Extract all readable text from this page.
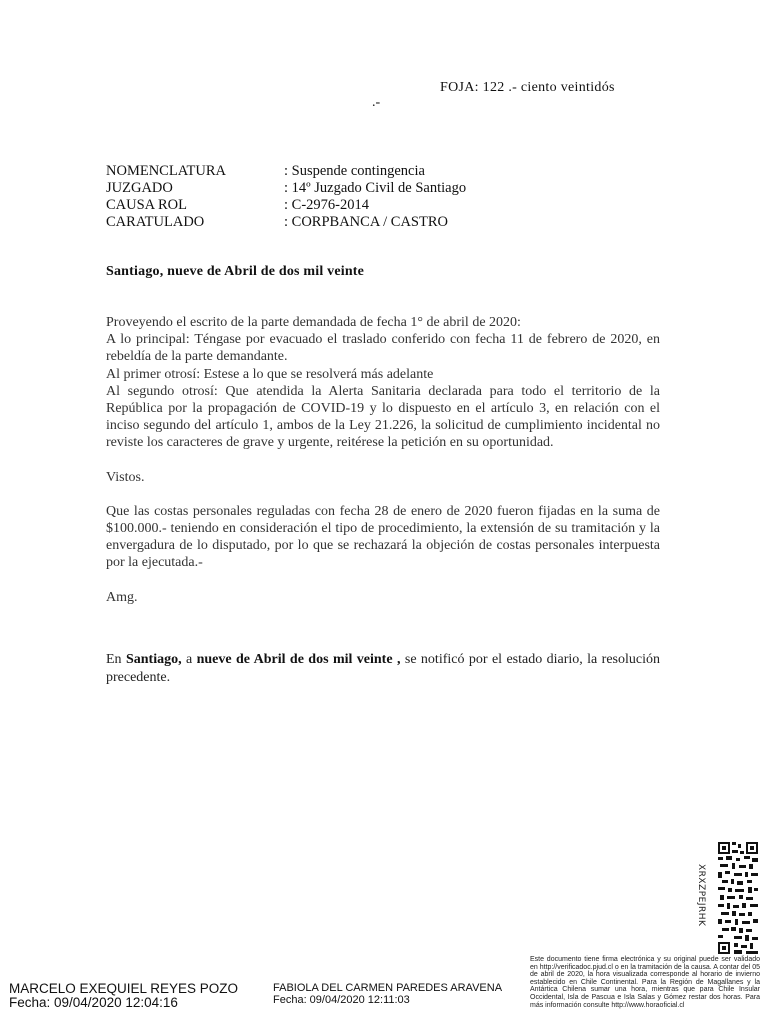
FOJA: 122 .- ciento veintidós
.-
NOMENCLATURA	: Suspende contingencia
JUZGADO	: 14º Juzgado Civil de Santiago
CAUSA ROL	: C-2976-2014
CARATULADO	: CORPBANCA / CASTRO
Santiago, nueve de Abril de dos mil veinte

Proveyendo el escrito de la parte demandada de fecha 1° de abril de 2020:

A lo principal: Téngase por evacuado el traslado conferido con fecha 11 de febrero de 2020, en rebeldía de la parte demandante.

Al primer otrosí: Estese a lo que se resolverá más adelante

Al segundo otrosí: Que atendida la Alerta Sanitaria declarada para todo el territorio de la República por la propagación de COVID-19 y lo dispuesto en el artículo 3, en relación con el inciso segundo del artículo 1, ambos de la Ley 21.226, la solicitud de cumplimiento incidental no reviste los caracteres de grave y urgente, reitérese la petición en su oportunidad.

Vistos.

Que las costas personales reguladas con fecha 28 de enero de 2020 fueron fijadas en la suma de $100.000.- teniendo en consideración el tipo de procedimiento, la extensión de su tramitación y la envergadura de lo disputado, por lo que se rechazará la objeción de costas personales interpuesta por la ejecutada.-

Amg.

En Santiago, a nueve de Abril de dos mil veinte , se notificó por el estado diario, la resolución precedente.
XRXZPEJRHK
Este documento tiene firma electrónica y su original puede ser validado en http://verificadoc.pjud.cl o en la tramitación de la causa. A contar del 05 de abril de 2020, la hora visualizada corresponde al horario de invierno establecido en Chile Continental. Para la Región de Magallanes y la Antártica Chilena sumar una hora, mientras que para Chile Insular Occidental, Isla de Pascua e Isla Salas y Gómez restar dos horas. Para más información consulte http://www.horaoficial.cl
MARCELO EXEQUIEL REYES POZO
Fecha: 09/04/2020 12:04:16
FABIOLA DEL CARMEN PAREDES ARAVENA
Fecha: 09/04/2020 12:11:03
